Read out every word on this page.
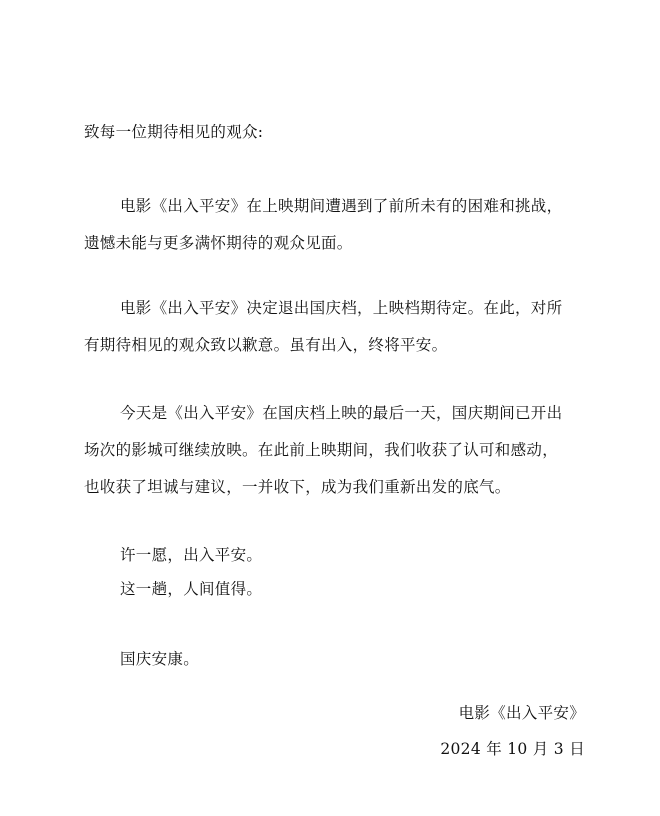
致每一位期待相见的观众:
电影《出入平安》在上映期间遭遇到了前所未有的困难和挑战，
遗憾未能与更多满怀期待的观众见面。
电影《出入平安》决定退出国庆档，上映档期待定。在此，对所
有期待相见的观众致以歉意。虽有出入，终将平安。
今天是《出入平安》在国庆档上映的最后一天，国庆期间已开出
场次的影城可继续放映。在此前上映期间，我们收获了认可和感动，
也收获了坦诚与建议，一并收下，成为我们重新出发的底气。
许一愿，出入平安。
这一趟，人间值得。
国庆安康。
电影《出入平安》
2024 年 10 月 3 日
